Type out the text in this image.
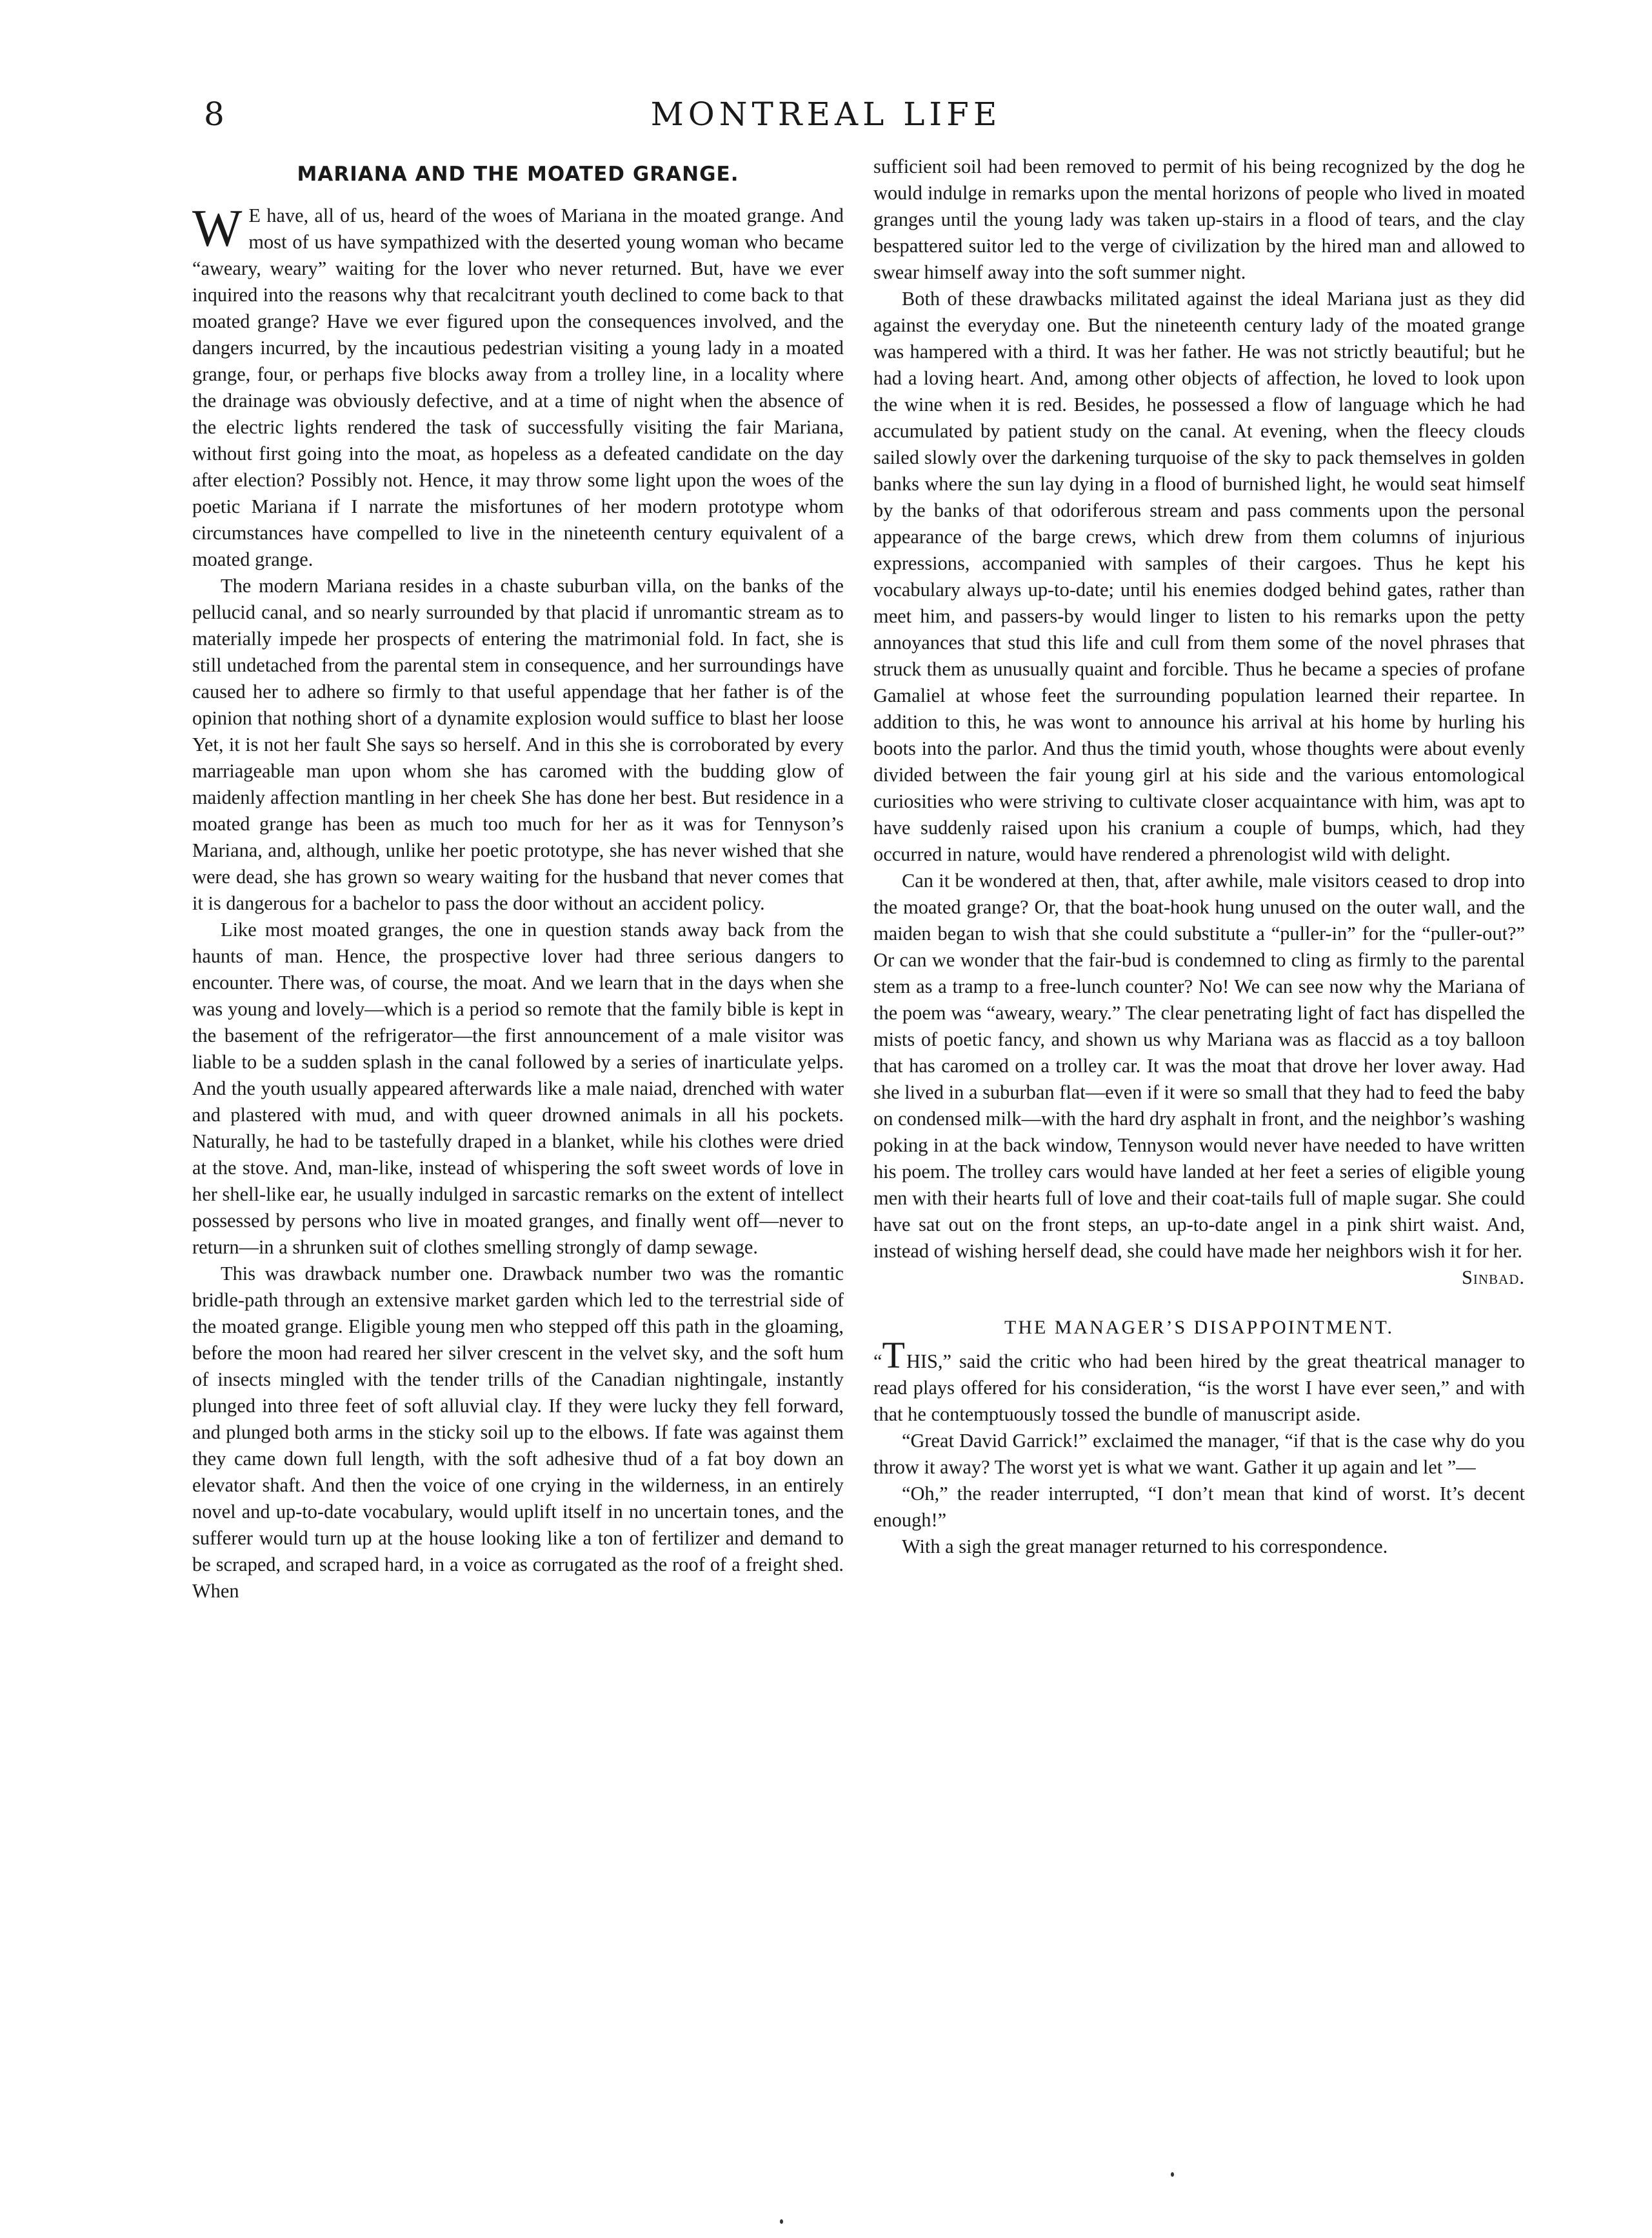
8	MONTREAL LIFE
MARIANA AND THE MOATED GRANGE.

W E have, all of us, heard of the woes of Mariana in the moated grange. And most of us have sympathized with the deserted young woman who became “aweary, weary” waiting for the lover who never returned. But, have we ever inquired into the reasons why that recalcitrant youth declined to come back to that moated grange? Have we ever figured upon the consequences involved, and the dangers incurred, by the incautious pedestrian visiting a young lady in a moated grange, four, or perhaps five blocks away from a trolley line, in a locality where the drainage was obviously defective, and at a time of night when the absence of the electric lights rendered the task of successfully visiting the fair Mariana, without first going into the moat, as hopeless as a defeated candidate on the day after election? Possibly not. Hence, it may throw some light upon the woes of the poetic Mariana if I narrate the misfortunes of her modern prototype whom circumstances have compelled to live in the nineteenth century equivalent of a moated grange.

The modern Mariana resides in a chaste suburban villa, on the banks of the pellucid canal, and so nearly surrounded by that placid if unromantic stream as to materially impede her prospects of entering the matrimonial fold. In fact, she is still undetached from the parental stem in consequence, and her surroundings have caused her to adhere so firmly to that useful appendage that her father is of the opinion that nothing short of a dynamite explosion would suffice to blast her loose Yet, it is not her fault She says so herself. And in this she is corroborated by every marriageable man upon whom she has caromed with the budding glow of maidenly affection mantling in her cheek She has done her best. But residence in a moated grange has been as much too much for her as it was for Tennyson’s Mariana, and, although, unlike her poetic prototype, she has never wished that she were dead, she has grown so weary waiting for the husband that never comes that it is dangerous for a bachelor to pass the door without an accident policy.

Like most moated granges, the one in question stands away back from the haunts of man. Hence, the prospective lover had three serious dangers to encounter. There was, of course, the moat. And we learn that in the days when she was young and lovely—which is a period so remote that the family bible is kept in the basement of the refrigerator—the first announcement of a male visitor was liable to be a sudden splash in the canal followed by a series of inarticulate yelps. And the youth usually appeared afterwards like a male naiad, drenched with water and plastered with mud, and with queer drowned animals in all his pockets. Naturally, he had to be tastefully draped in a blanket, while his clothes were dried at the stove. And, man-like, instead of whispering the soft sweet words of love in her shell-like ear, he usually indulged in sarcastic remarks on the extent of intellect possessed by persons who live in moated granges, and finally went off—never to return—in a shrunken suit of clothes smelling strongly of damp sewage.

This was drawback number one. Drawback number two was the romantic bridle-path through an extensive market garden which led to the terrestrial side of the moated grange. Eligible young men who stepped off this path in the gloaming, before the moon had reared her silver crescent in the velvet sky, and the soft hum of insects mingled with the tender trills of the Canadian nightingale, instantly plunged into three feet of soft alluvial clay. If they were lucky they fell forward, and plunged both arms in the sticky soil up to the elbows. If fate was against them they came down full length, with the soft adhesive thud of a fat boy down an elevator shaft. And then the voice of one crying in the wilderness, in an entirely novel and up-to-date vocabulary, would uplift itself in no uncertain tones, and the sufferer would turn up at the house looking like a ton of fertilizer and demand to be scraped, and scraped hard, in a voice as corrugated as the roof of a freight shed. When

sufficient soil had been removed to permit of his being recognized by the dog he would indulge in remarks upon the mental horizons of people who lived in moated granges until the young lady was taken up-stairs in a flood of tears, and the clay bespattered suitor led to the verge of civilization by the hired man and allowed to swear himself away into the soft summer night.

Both of these drawbacks militated against the ideal Mariana just as they did against the everyday one. But the nineteenth century lady of the moated grange was hampered with a third. It was her father. He was not strictly beautiful; but he had a loving heart. And, among other objects of affection, he loved to look upon the wine when it is red. Besides, he possessed a flow of language which he had accumulated by patient study on the canal. At evening, when the fleecy clouds sailed slowly over the darkening turquoise of the sky to pack themselves in golden banks where the sun lay dying in a flood of burnished light, he would seat himself by the banks of that odoriferous stream and pass comments upon the personal appearance of the barge crews, which drew from them columns of injurious expressions, accompanied with samples of their cargoes. Thus he kept his vocabulary always up-to-date; until his enemies dodged behind gates, rather than meet him, and passers-by would linger to listen to his remarks upon the petty annoyances that stud this life and cull from them some of the novel phrases that struck them as unusually quaint and forcible. Thus he became a species of profane Gamaliel at whose feet the surrounding population learned their repartee. In addition to this, he was wont to announce his arrival at his home by hurling his boots into the parlor. And thus the timid youth, whose thoughts were about evenly divided between the fair young girl at his side and the various entomological curiosities who were striving to cultivate closer acquaintance with him, was apt to have suddenly raised upon his cranium a couple of bumps, which, had they occurred in nature, would have rendered a phrenologist wild with delight.

Can it be wondered at then, that, after awhile, male visitors ceased to drop into the moated grange? Or, that the boat-hook hung unused on the outer wall, and the maiden began to wish that she could substitute a “puller-in” for the “puller-out?” Or can we wonder that the fair-bud is condemned to cling as firmly to the parental stem as a tramp to a free-lunch counter? No! We can see now why the Mariana of the poem was “aweary, weary.” The clear penetrating light of fact has dispelled the mists of poetic fancy, and shown us why Mariana was as flaccid as a toy balloon that has caromed on a trolley car. It was the moat that drove her lover away. Had she lived in a suburban flat—even if it were so small that they had to feed the baby on condensed milk—with the hard dry asphalt in front, and the neighbor’s washing poking in at the back window, Tennyson would never have needed to have written his poem. The trolley cars would have landed at her feet a series of eligible young men with their hearts full of love and their coat-tails full of maple sugar. She could have sat out on the front steps, an up-to-date angel in a pink shirt waist. And, instead of wishing herself dead, she could have made her neighbors wish it for her.
Sinbad.

THE MANAGER’S DISAPPOINTMENT.

“THIS,” said the critic who had been hired by the great theatrical manager to read plays offered for his consideration, “is the worst I have ever seen,” and with that he contemptuously tossed the bundle of manuscript aside.

“Great David Garrick!” exclaimed the manager, “if that is the case why do you throw it away? The worst yet is what we want. Gather it up again and let ”—

“Oh,” the reader interrupted, “I don’t mean that kind of worst. It’s decent enough!”

With a sigh the great manager returned to his correspondence.
